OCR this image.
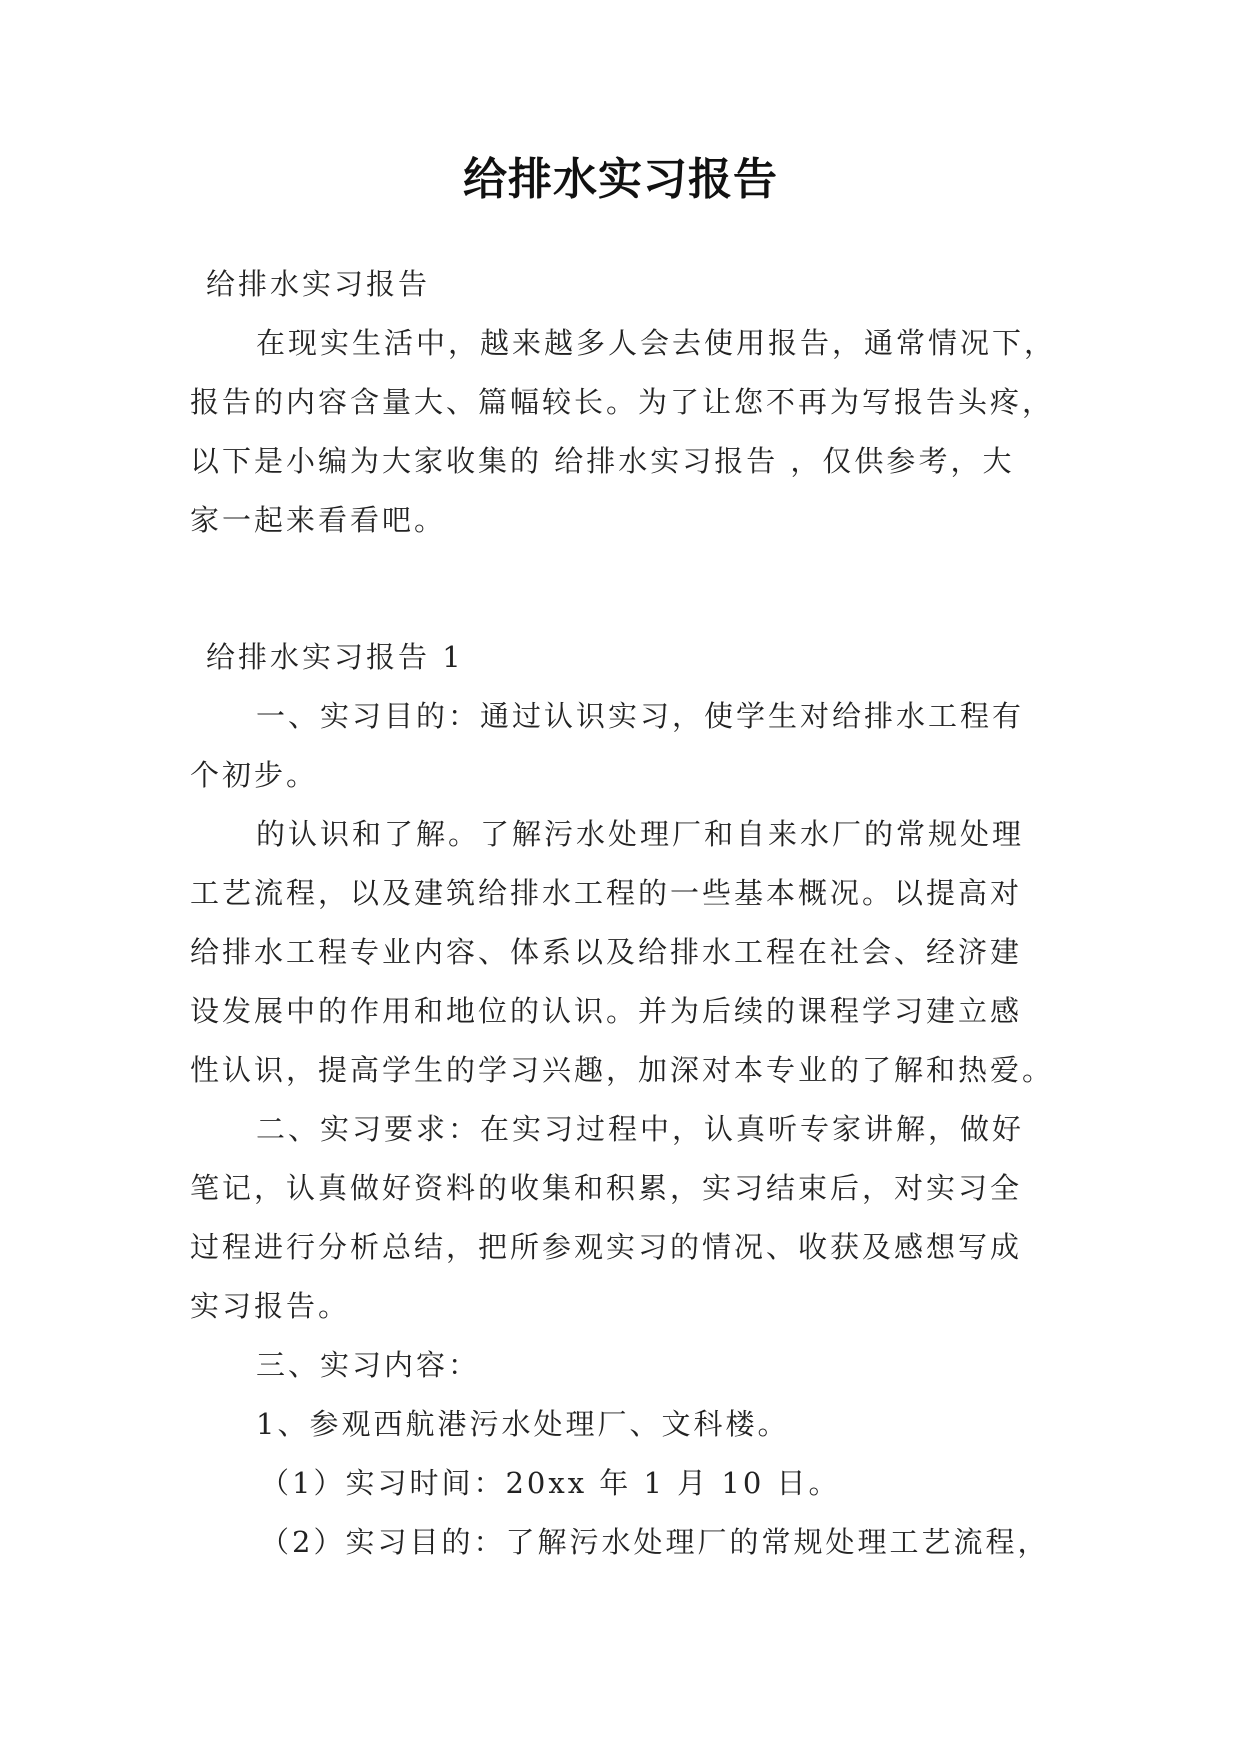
给排水实习报告
给排水实习报告
在现实生活中，越来越多人会去使用报告，通常情况下，
报告的内容含量大、篇幅较长。为了让您不再为写报告头疼，
以下是小编为大家收集的 给排水实习报告 ，仅供参考，大
家一起来看看吧。
给排水实习报告 1
一、实习目的：通过认识实习，使学生对给排水工程有
个初步。
的认识和了解。了解污水处理厂和自来水厂的常规处理
工艺流程，以及建筑给排水工程的一些基本概况。以提高对
给排水工程专业内容、体系以及给排水工程在社会、经济建
设发展中的作用和地位的认识。并为后续的课程学习建立感
性认识，提高学生的学习兴趣，加深对本专业的了解和热爱。
二、实习要求：在实习过程中，认真听专家讲解，做好
笔记，认真做好资料的收集和积累，实习结束后，对实习全
过程进行分析总结，把所参观实习的情况、收获及感想写成
实习报告。
三、实习内容：
1、参观西航港污水处理厂、文科楼。
（1）实习时间：20xx 年 1 月 10 日。
（2）实习目的：了解污水处理厂的常规处理工艺流程，
